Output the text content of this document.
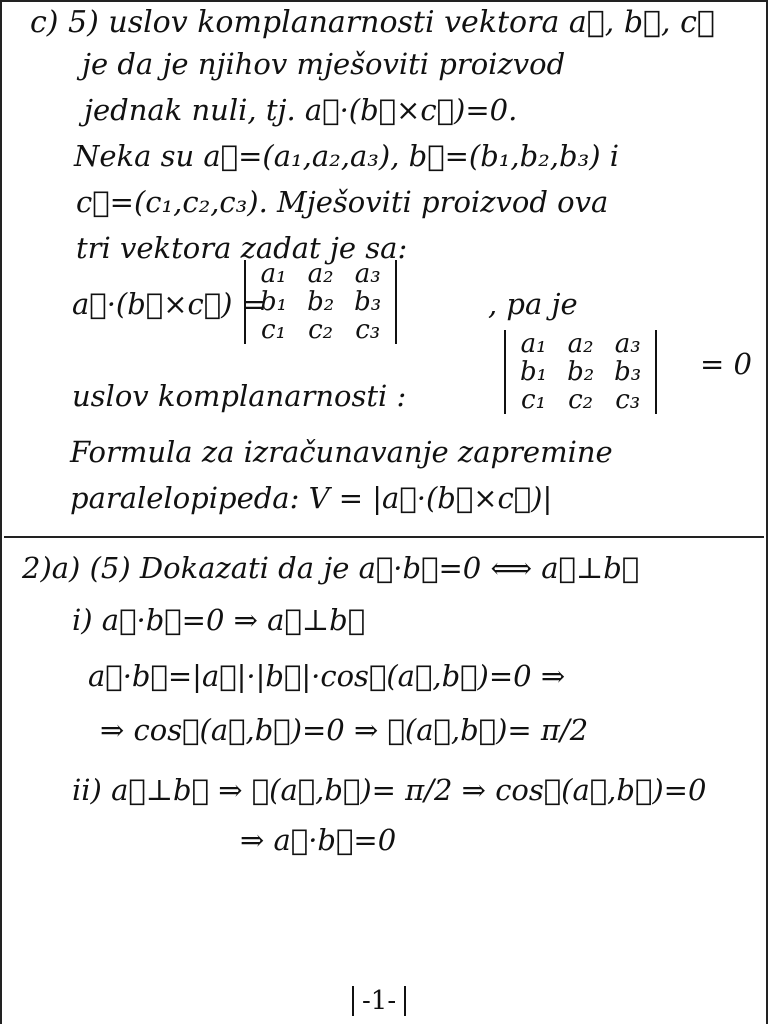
c) 5) uslov komplanarnosti vektora a⃗, b⃗, c⃗
je da je njihov mješoviti proizvod
jednak nuli, tj. a⃗·(b⃗×c⃗)=0.
Neka su a⃗=(a₁,a₂,a₃), b⃗=(b₁,b₂,b₃) i
c⃗=(c₁,c₂,c₃). Mješoviti proizvod ova
tri vektora zadat je sa:
a⃗·(b⃗×c⃗) =
a₁	a₂	a₃
b₁	b₂	b₃
c₁	c₂	c₃
, pa je
uslov komplanarnosti :
a₁	a₂	a₃
b₁	b₂	b₃
c₁	c₂	c₃
= 0
Formula za izračunavanje zapremine
paralelopipeda: V = |a⃗·(b⃗×c⃗)|
2)a) (5) Dokazati da je a⃗·b⃗=0 ⟺ a⃗⊥b⃗
i) a⃗·b⃗=0 ⇒ a⃗⊥b⃗
a⃗·b⃗=|a⃗|·|b⃗|·cos∢(a⃗,b⃗)=0 ⇒
⇒ cos∢(a⃗,b⃗)=0 ⇒ ∢(a⃗,b⃗)= π/2
ii) a⃗⊥b⃗ ⇒ ∢(a⃗,b⃗)= π/2 ⇒ cos∢(a⃗,b⃗)=0
⇒ a⃗·b⃗=0
-1-
